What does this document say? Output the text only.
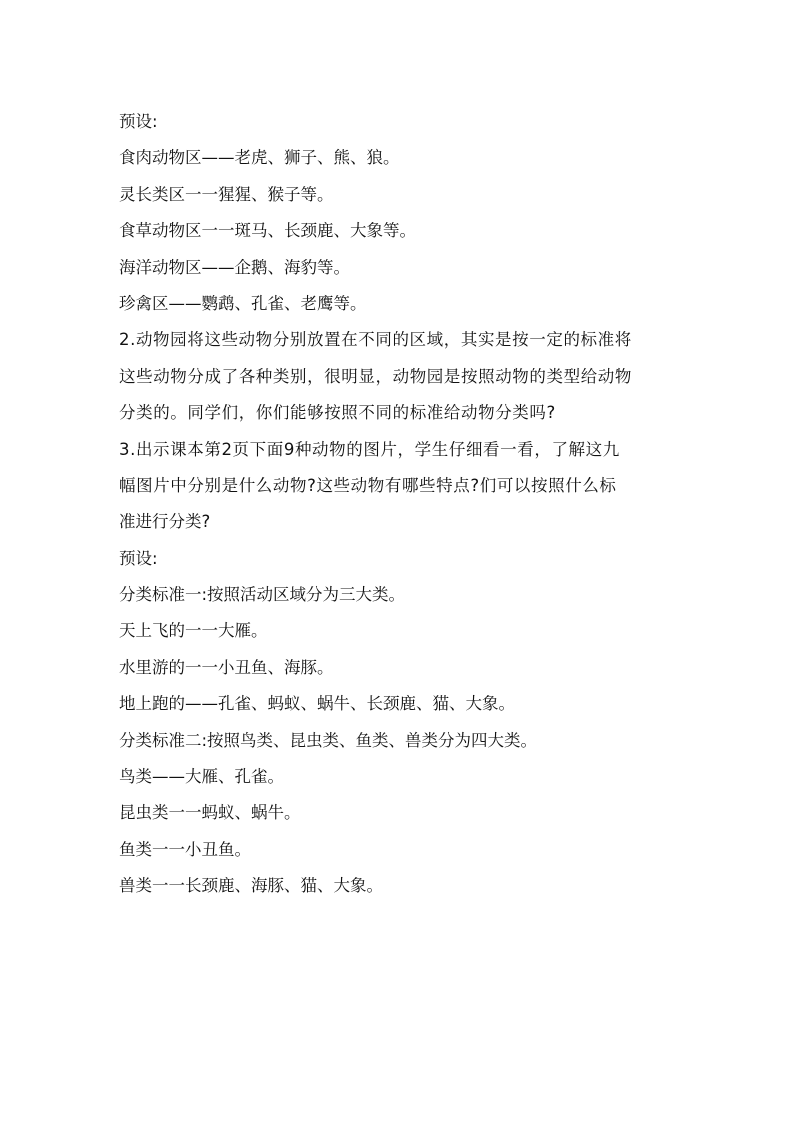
预设:
食肉动物区——老虎、狮子、熊、狼。
灵长类区一一猩猩、猴子等。
食草动物区一一斑马、长颈鹿、大象等。
海洋动物区——企鹅、海豹等。
珍禽区——鹦鹉、孔雀、老鹰等。
2.动物园将这些动物分别放置在不同的区域，其实是按一定的标准将
这些动物分成了各种类别，很明显，动物园是按照动物的类型给动物
分类的。同学们，你们能够按照不同的标准给动物分类吗?
3.出示课本第2页下面9种动物的图片，学生仔细看一看，了解这九
幅图片中分别是什么动物?这些动物有哪些特点?们可以按照什么标
准进行分类?
预设:
分类标准一:按照活动区域分为三大类。
天上飞的一一大雁。
水里游的一一小丑鱼、海豚。
地上跑的——孔雀、蚂蚁、蜗牛、长颈鹿、猫、大象。
分类标准二:按照鸟类、昆虫类、鱼类、兽类分为四大类。
鸟类——大雁、孔雀。
昆虫类一一蚂蚁、蜗牛。
鱼类一一小丑鱼。
兽类一一长颈鹿、海豚、猫、大象。
